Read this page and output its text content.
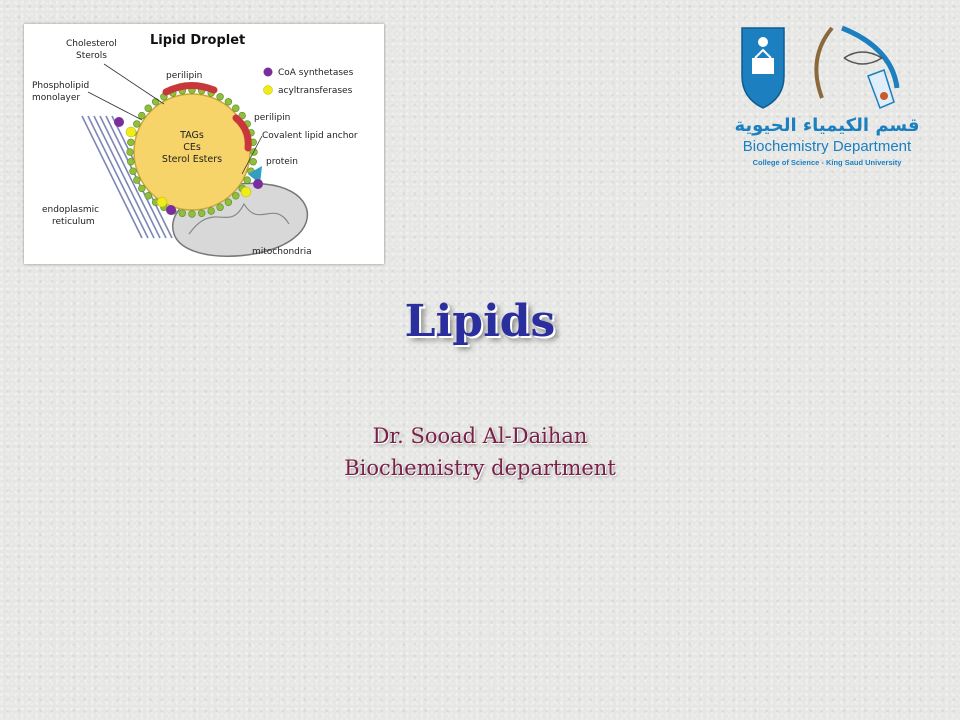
Lipid Droplet
Cholesterol
Sterols
Phospholipid
monolayer
perilipin
perilipin
CoA synthetases
acyltransferases
Covalent lipid anchor
protein
endoplasmic
reticulum
mitochondria
TAGs
CEs
Sterol Esters
قسم الكيمياء الحيوية
Biochemistry Department
College of Science - King Saud University
Lipids
Dr. Sooad Al-Daihan
Biochemistry department
